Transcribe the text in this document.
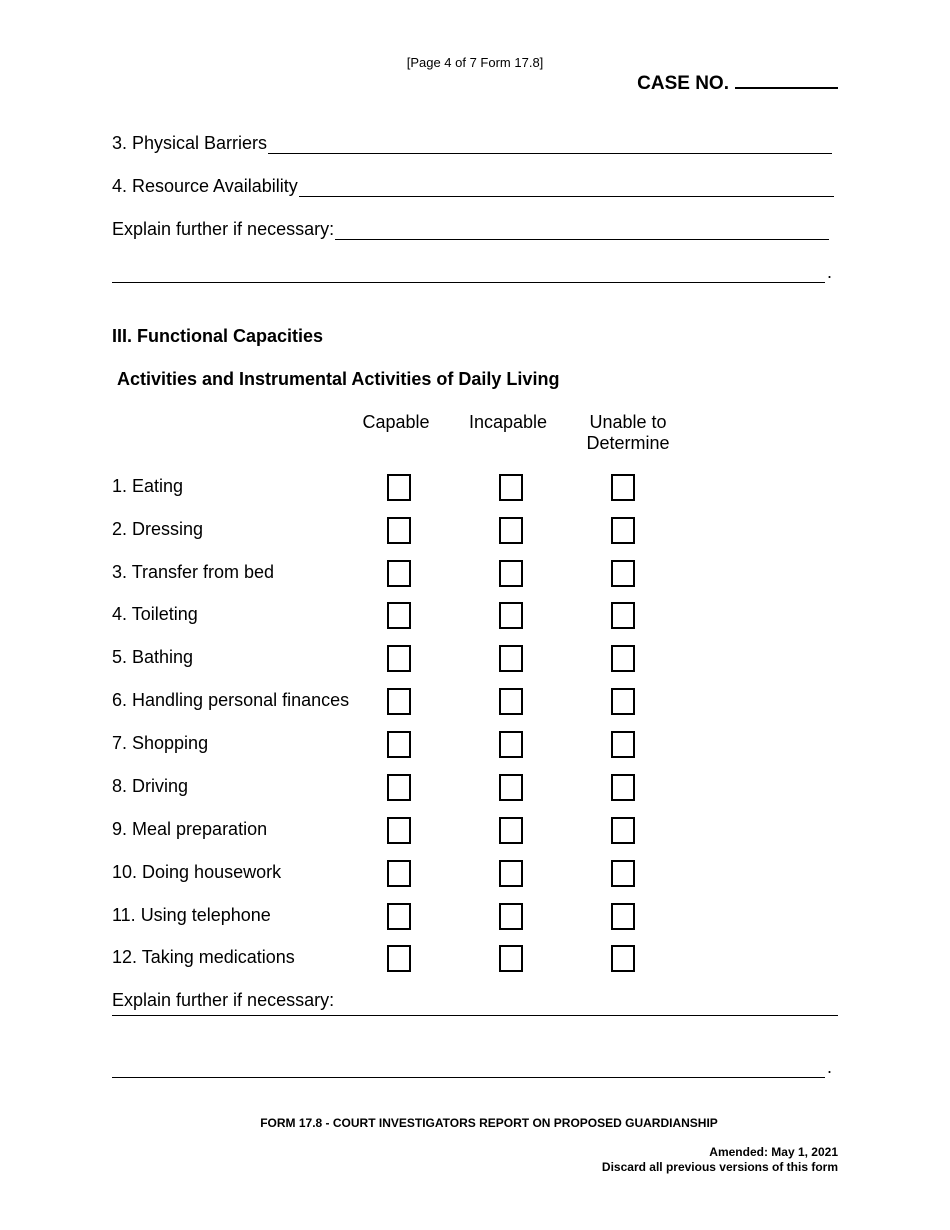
[Page 4 of 7 Form 17.8]
CASE NO.
3. Physical Barriers
4. Resource Availability
Explain further if necessary:
.
III. Functional Capacities
Activities and Instrumental Activities of Daily Living
Capable	Incapable	Unable to Determine
1. Eating
2. Dressing
3. Transfer from bed
4. Toileting
5. Bathing
6. Handling personal finances
7. Shopping
8. Driving
9. Meal preparation
10. Doing housework
11. Using telephone
12. Taking medications
Explain further if necessary:
.
FORM 17.8 - COURT INVESTIGATORS REPORT ON PROPOSED GUARDIANSHIP
Amended: May 1, 2021
Discard all previous versions of this form
